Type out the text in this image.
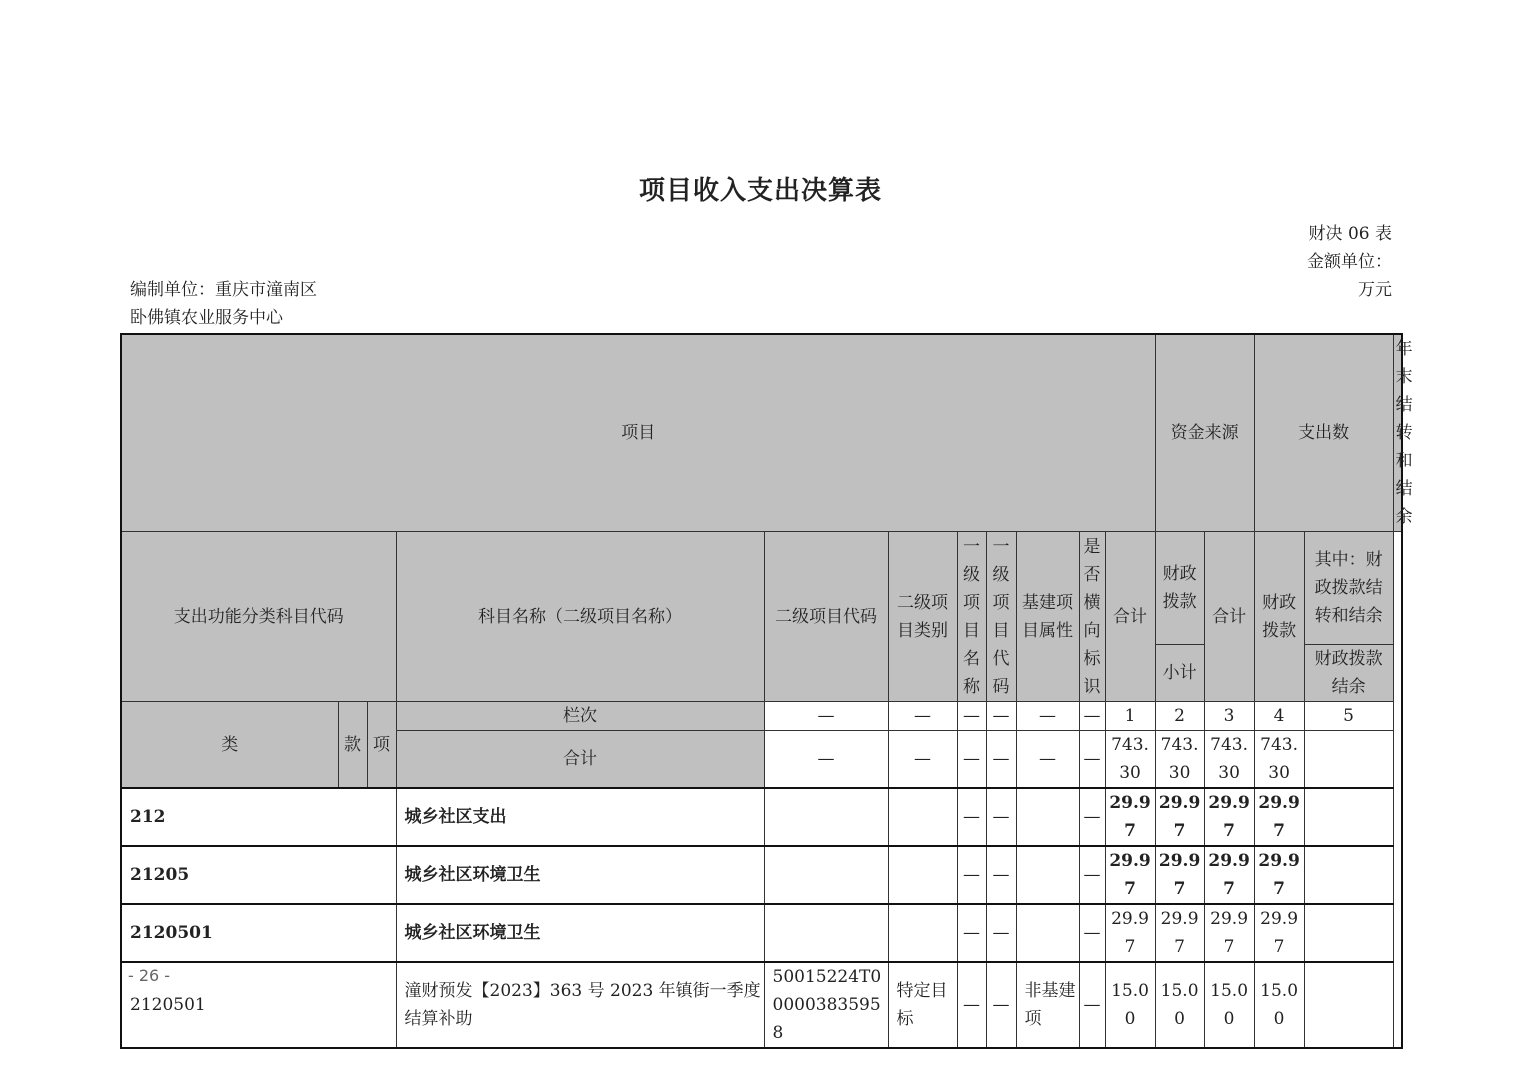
项目收入支出决算表
财决 06 表
金额单位：万元
编制单位：重庆市潼南区卧佛镇农业服务中心
项目											资金来源		支出数		年末结转和结余
支出功能分类科目代码			科目名称（二级项目名称）	二级项目代码	二级项目类别	一级项目名称	一级项目代码	基建项目属性	是否横向标识	合计	财政拨款	合计	财政拨款	其中：财政拨款结转和结余	
											小计			财政拨款结余	
类	款	项	栏次	—	—	—	—	—	—	1	2	3	4	5	
			合计	—	—	—	—	—	—	743.30	743.30	743.30	743.30		
212			城乡社区支出			—	—		—	29.97	29.97	29.97	29.97		
21205			城乡社区环境卫生			—	—		—	29.97	29.97	29.97	29.97		
2120501			城乡社区环境卫生			—	—		—	29.97	29.97	29.97	29.97		
2120501			潼财预发【2023】363 号 2023 年镇街一季度结算补助	50015224T000003835958	特定目标	—	—	非基建项	—	15.00	15.00	15.00	15.00		
- 26 -
